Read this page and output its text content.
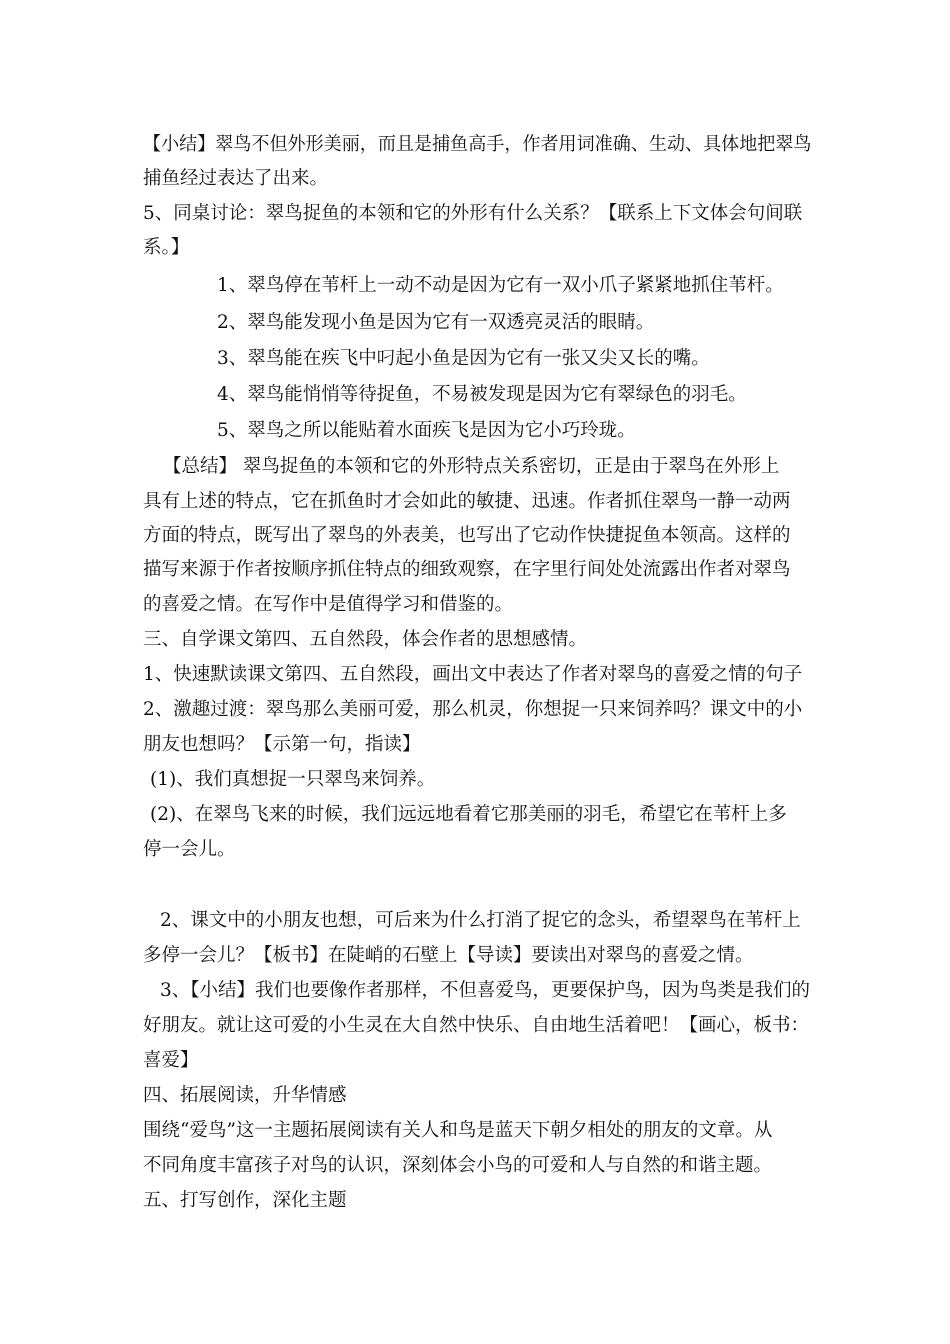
【小结】翠鸟不但外形美丽，而且是捕鱼高手，作者用词准确、生动、具体地把翠鸟
捕鱼经过表达了出来。
5、同桌讨论：翠鸟捉鱼的本领和它的外形有什么关系？【联系上下文体会句间联
系。】
1、翠鸟停在苇杆上一动不动是因为它有一双小爪子紧紧地抓住苇杆。
2、翠鸟能发现小鱼是因为它有一双透亮灵活的眼睛。
3、翠鸟能在疾飞中叼起小鱼是因为它有一张又尖又长的嘴。
4、翠鸟能悄悄等待捉鱼，不易被发现是因为它有翠绿色的羽毛。
5、翠鸟之所以能贴着水面疾飞是因为它小巧玲珑。
【总结】 翠鸟捉鱼的本领和它的外形特点关系密切，正是由于翠鸟在外形上
具有上述的特点，它在抓鱼时才会如此的敏捷、迅速。作者抓住翠鸟一静一动两
方面的特点，既写出了翠鸟的外表美，也写出了它动作快捷捉鱼本领高。这样的
描写来源于作者按顺序抓住特点的细致观察，在字里行间处处流露出作者对翠鸟
的喜爱之情。在写作中是值得学习和借鉴的。
三、自学课文第四、五自然段，体会作者的思想感情。
1、快速默读课文第四、五自然段，画出文中表达了作者对翠鸟的喜爱之情的句子
2、激趣过渡：翠鸟那么美丽可爱，那么机灵，你想捉一只来饲养吗？课文中的小
朋友也想吗？【示第一句，指读】
(1)、我们真想捉一只翠鸟来饲养。
(2)、在翠鸟飞来的时候，我们远远地看着它那美丽的羽毛，希望它在苇杆上多
停一会儿。
2、课文中的小朋友也想，可后来为什么打消了捉它的念头，希望翠鸟在苇杆上
多停一会儿？【板书】在陡峭的石壁上【导读】要读出对翠鸟的喜爱之情。
3、【小结】我们也要像作者那样，不但喜爱鸟，更要保护鸟，因为鸟类是我们的
好朋友。就让这可爱的小生灵在大自然中快乐、自由地生活着吧！【画心，板书：
喜爱】
四、拓展阅读，升华情感
围绕“爱鸟”这一主题拓展阅读有关人和鸟是蓝天下朝夕相处的朋友的文章。从
不同角度丰富孩子对鸟的认识，深刻体会小鸟的可爱和人与自然的和谐主题。
五、打写创作，深化主题
